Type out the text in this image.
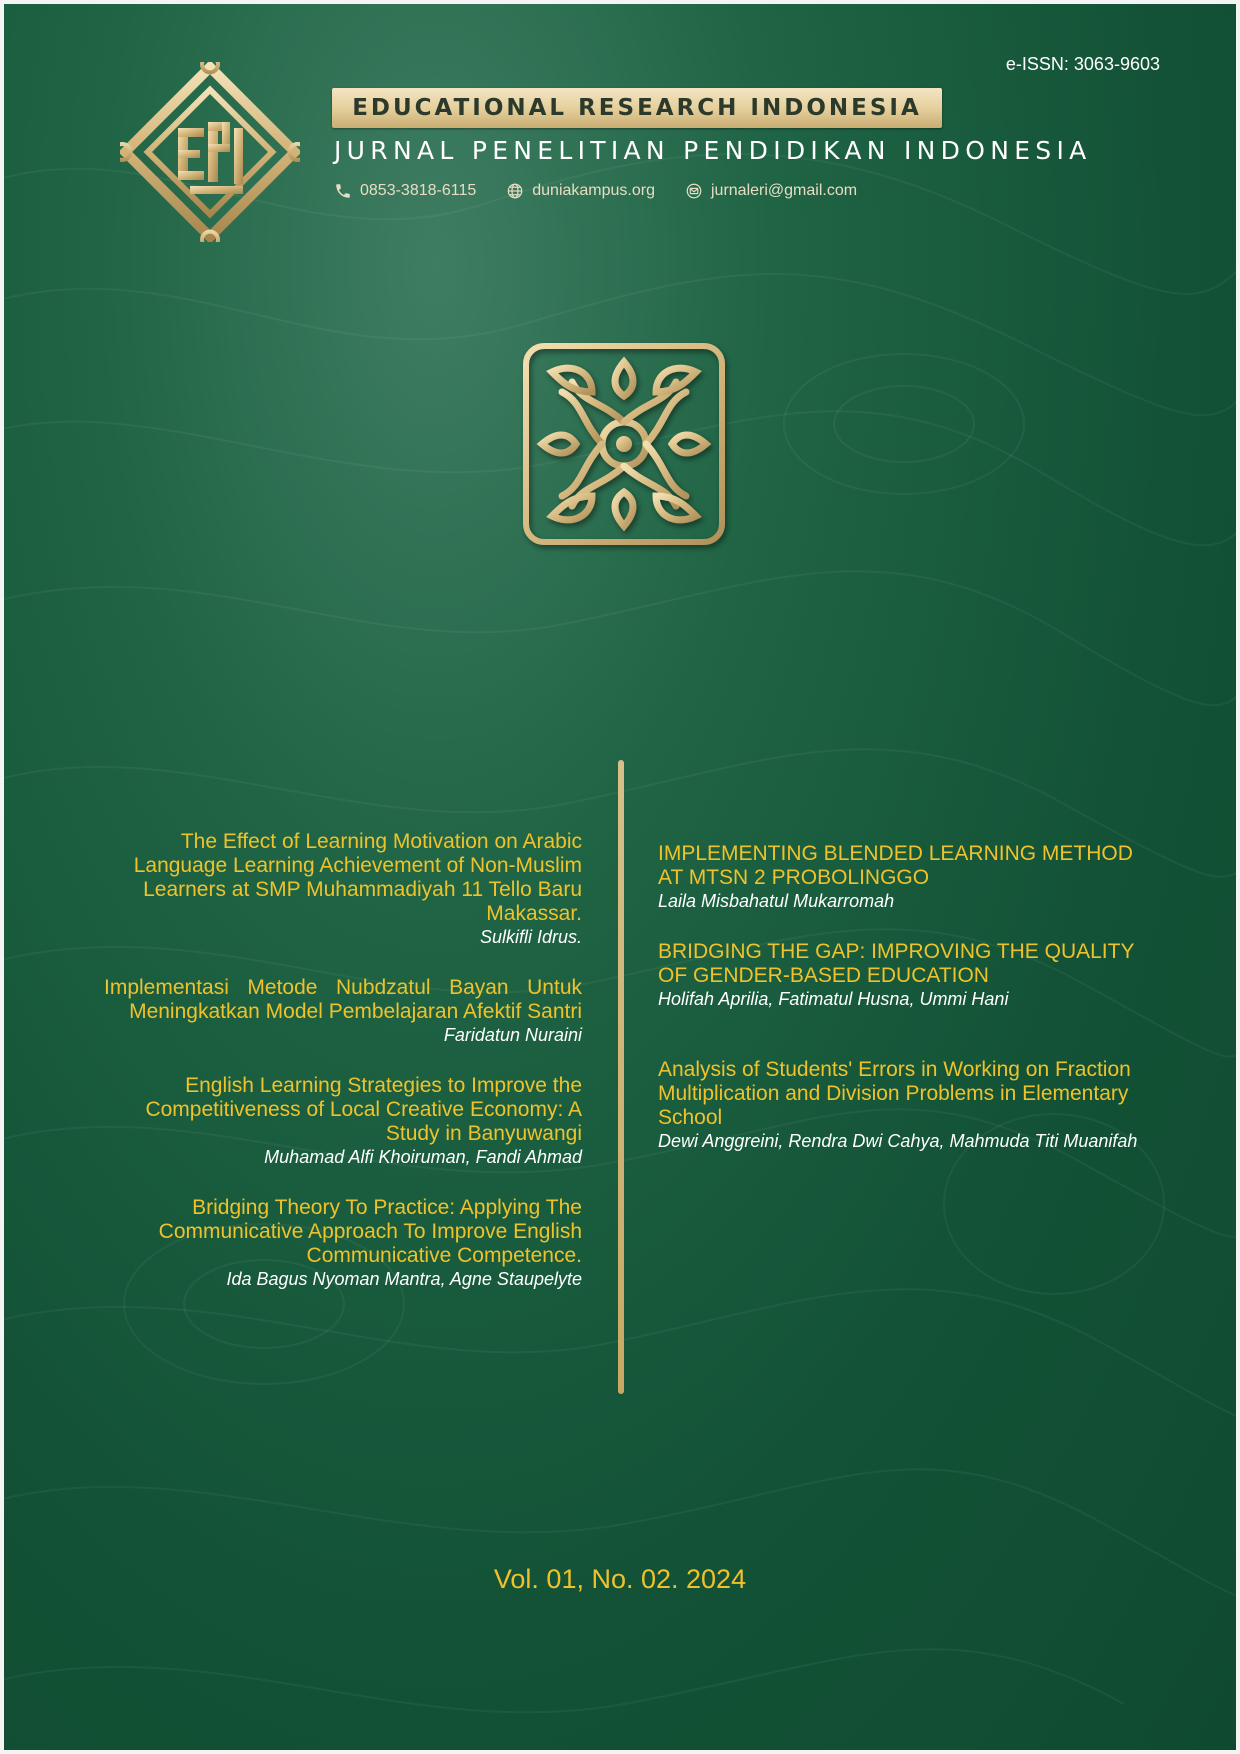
e-ISSN: 3063-9603
EDUCATIONAL RESEARCH INDONESIA
JURNAL PENELITIAN PENDIDIKAN INDONESIA
0853-3818-6115	duniakampus.org	jurnaleri@gmail.com
The Effect of Learning Motivation on Arabic Language Learning Achievement of Non-Muslim Learners at SMP Muhammadiyah 11 Tello Baru Makassar.
Sulkifli Idrus.
Implementasi Metode Nubdzatul Bayan Untuk Meningkatkan Model Pembelajaran Afektif Santri
Faridatun Nuraini
English Learning Strategies to Improve the Competitiveness of Local Creative Economy: A Study in Banyuwangi
Muhamad Alfi Khoiruman, Fandi Ahmad
Bridging Theory To Practice: Applying The Communicative Approach To Improve English Communicative Competence.
Ida Bagus Nyoman Mantra, Agne Staupelyte
IMPLEMENTING BLENDED LEARNING METHOD AT MTSN 2 PROBOLINGGO
Laila Misbahatul Mukarromah
BRIDGING THE GAP: IMPROVING THE QUALITY OF GENDER-BASED EDUCATION
Holifah Aprilia, Fatimatul Husna, Ummi Hani
Analysis of Students' Errors in Working on Fraction Multiplication and Division Problems in Elementary School
Dewi Anggreini, Rendra Dwi Cahya, Mahmuda Titi Muanifah
Vol. 01, No. 02. 2024
